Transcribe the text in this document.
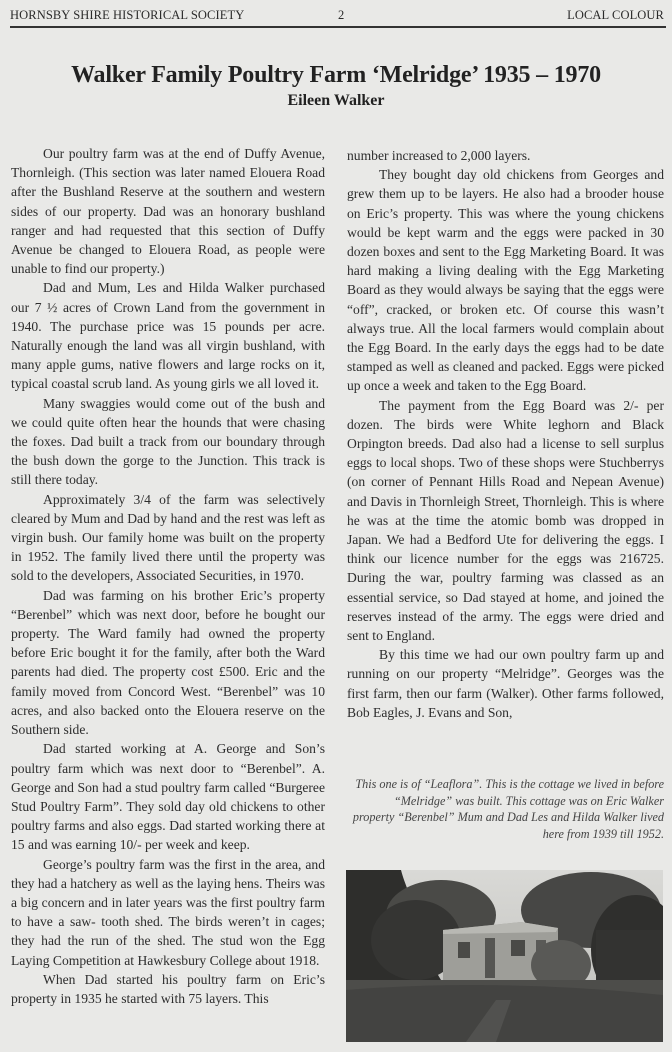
HORNSBY SHIRE HISTORICAL SOCIETY	2	LOCAL COLOUR
Walker Family Poultry Farm ‘Melridge’ 1935 – 1970
Eileen Walker

Our poultry farm was at the end of Duffy Avenue, Thornleigh. (This section was later named Elouera Road after the Bushland Reserve at the southern and western sides of our property. Dad was an honorary bushland ranger and had requested that this section of Duffy Avenue be changed to Elouera Road, as people were unable to find our property.)

Dad and Mum, Les and Hilda Walker purchased our 7 ½ acres of Crown Land from the government in 1940. The purchase price was 15 pounds per acre. Naturally enough the land was all virgin bushland, with many apple gums, native flowers and large rocks on it, typical coastal scrub land. As young girls we all loved it.

Many swaggies would come out of the bush and we could quite often hear the hounds that were chasing the foxes. Dad built a track from our boundary through the bush down the gorge to the Junction. This track is still there today.

Approximately 3/4 of the farm was selectively cleared by Mum and Dad by hand and the rest was left as virgin bush. Our family home was built on the property in 1952. The family lived there until the property was sold to the developers, Associated Securities, in 1970.

Dad was farming on his brother Eric’s property “Berenbel” which was next door, before he bought our property. The Ward family had owned the property before Eric bought it for the family, after both the Ward parents had died. The property cost £500. Eric and the family moved from Concord West. “Berenbel” was 10 acres, and also backed onto the Elouera reserve on the Southern side.

Dad started working at A. George and Son’s poultry farm which was next door to “Berenbel”. A. George and Son had a stud poultry farm called “Burgeree Stud Poultry Farm”. They sold day old chickens to other poultry farms and also eggs. Dad started working there at 15 and was earning 10/- per week and keep.

George’s poultry farm was the first in the area, and they had a hatchery as well as the laying hens. Theirs was a big concern and in later years was the first poultry farm to have a saw- tooth shed. The birds weren’t in cages; they had the run of the shed. The stud won the Egg Laying Competition at Hawkesbury College about 1918.

When Dad started his poultry farm on Eric’s property in 1935 he started with 75 layers. This

number increased to 2,000 layers.

They bought day old chickens from Georges and grew them up to be layers. He also had a brooder house on Eric’s property. This was where the young chickens would be kept warm and the eggs were packed in 30 dozen boxes and sent to the Egg Marketing Board. It was hard making a living dealing with the Egg Marketing Board as they would always be saying that the eggs were “off”, cracked, or broken etc. Of course this wasn’t always true. All the local farmers would complain about the Egg Board. In the early days the eggs had to be date stamped as well as cleaned and packed. Eggs were picked up once a week and taken to the Egg Board.

The payment from the Egg Board was 2/- per dozen. The birds were White leghorn and Black Orpington breeds. Dad also had a license to sell surplus eggs to local shops. Two of these shops were Stuchberrys (on corner of Pennant Hills Road and Nepean Avenue) and Davis in Thornleigh Street, Thornleigh. This is where he was at the time the atomic bomb was dropped in Japan. We had a Bedford Ute for delivering the eggs. I think our licence number for the eggs was 216725. During the war, poultry farming was classed as an essential service, so Dad stayed at home, and joined the reserves instead of the army. The eggs were dried and sent to England.

By this time we had our own poultry farm up and running on our property “Melridge”. Georges was the first farm, then our farm (Walker). Other farms followed, Bob Eagles, J. Evans and Son,

This one is of “Leaflora”. This is the cottage we lived in before “Melridge” was built. This cottage was on Eric Walker property “Berenbel” Mum and Dad Les and Hilda Walker lived here from 1939 till 1952.
